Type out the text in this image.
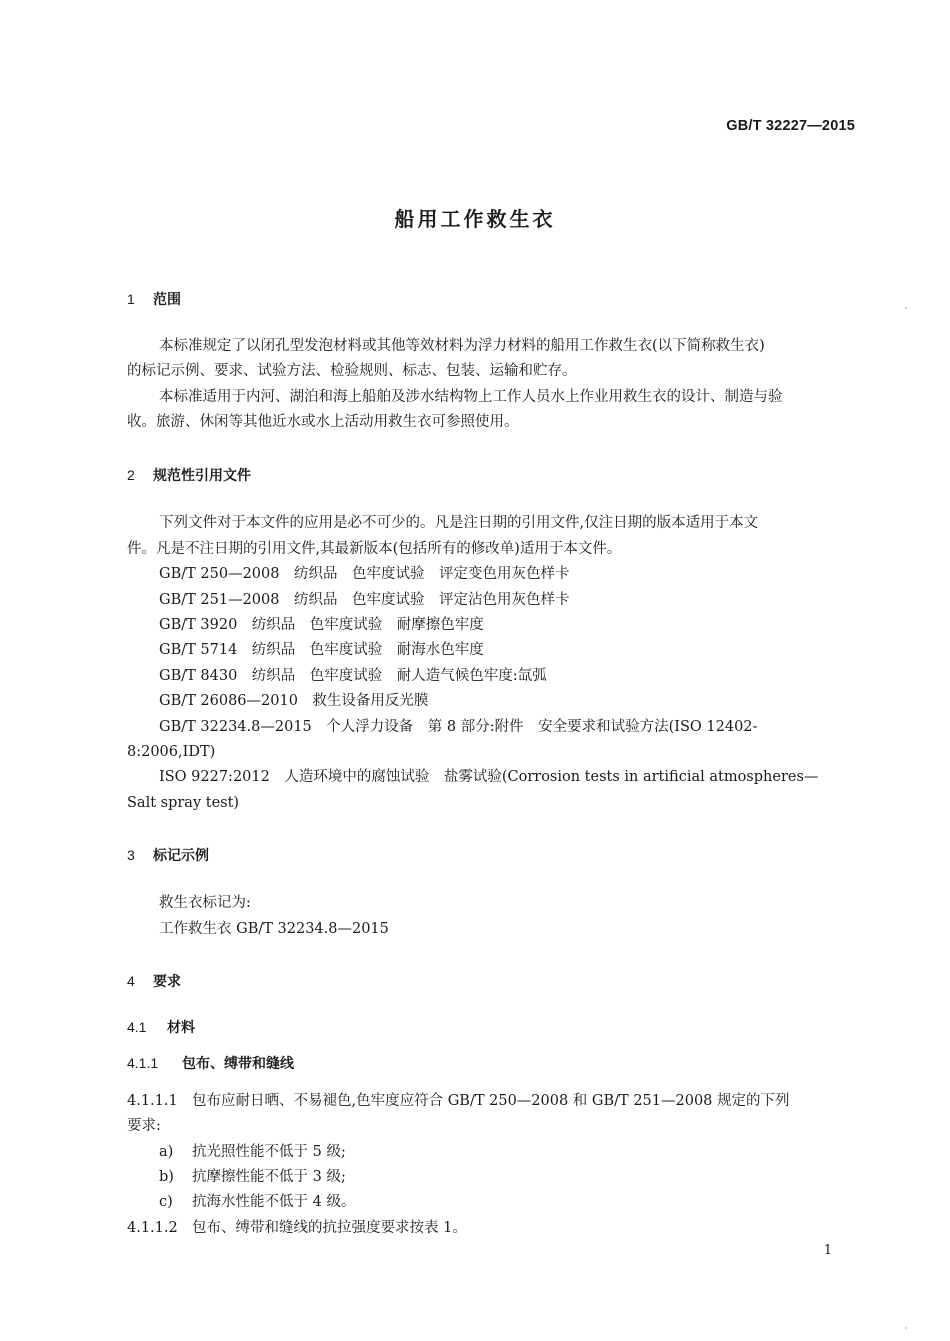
GB/T 32227—2015
船用工作救生衣
1 范围
本标准规定了以闭孔型发泡材料或其他等效材料为浮力材料的船用工作救生衣(以下简称救生衣)
的标记示例、要求、试验方法、检验规则、标志、包装、运输和贮存。
本标准适用于内河、湖泊和海上船舶及涉水结构物上工作人员水上作业用救生衣的设计、制造与验
收。旅游、休闲等其他近水或水上活动用救生衣可参照使用。
2 规范性引用文件
下列文件对于本文件的应用是必不可少的。凡是注日期的引用文件,仅注日期的版本适用于本文
件。凡是不注日期的引用文件,其最新版本(包括所有的修改单)适用于本文件。
GB/T 250—2008　纺织品　色牢度试验　评定变色用灰色样卡
GB/T 251—2008　纺织品　色牢度试验　评定沾色用灰色样卡
GB/T 3920　纺织品　色牢度试验　耐摩擦色牢度
GB/T 5714　纺织品　色牢度试验　耐海水色牢度
GB/T 8430　纺织品　色牢度试验　耐人造气候色牢度:氙弧
GB/T 26086—2010　救生设备用反光膜
GB/T 32234.8—2015　个人浮力设备　第 8 部分:附件　安全要求和试验方法(ISO 12402-
8:2006,IDT)
ISO 9227:2012　人造环境中的腐蚀试验　盐雾试验(Corrosion tests in artificial atmospheres—
Salt spray test)
3 标记示例
救生衣标记为:
工作救生衣 GB/T 32234.8—2015
4 要求
4.1 材料
4.1.1 包布、缚带和缝线
4.1.1.1 包布应耐日晒、不易褪色,色牢度应符合 GB/T 250—2008 和 GB/T 251—2008 规定的下列
要求:
a) 抗光照性能不低于 5 级;
b) 抗摩擦性能不低于 3 级;
c) 抗海水性能不低于 4 级。
4.1.1.2 包布、缚带和缝线的抗拉强度要求按表 1。
1
